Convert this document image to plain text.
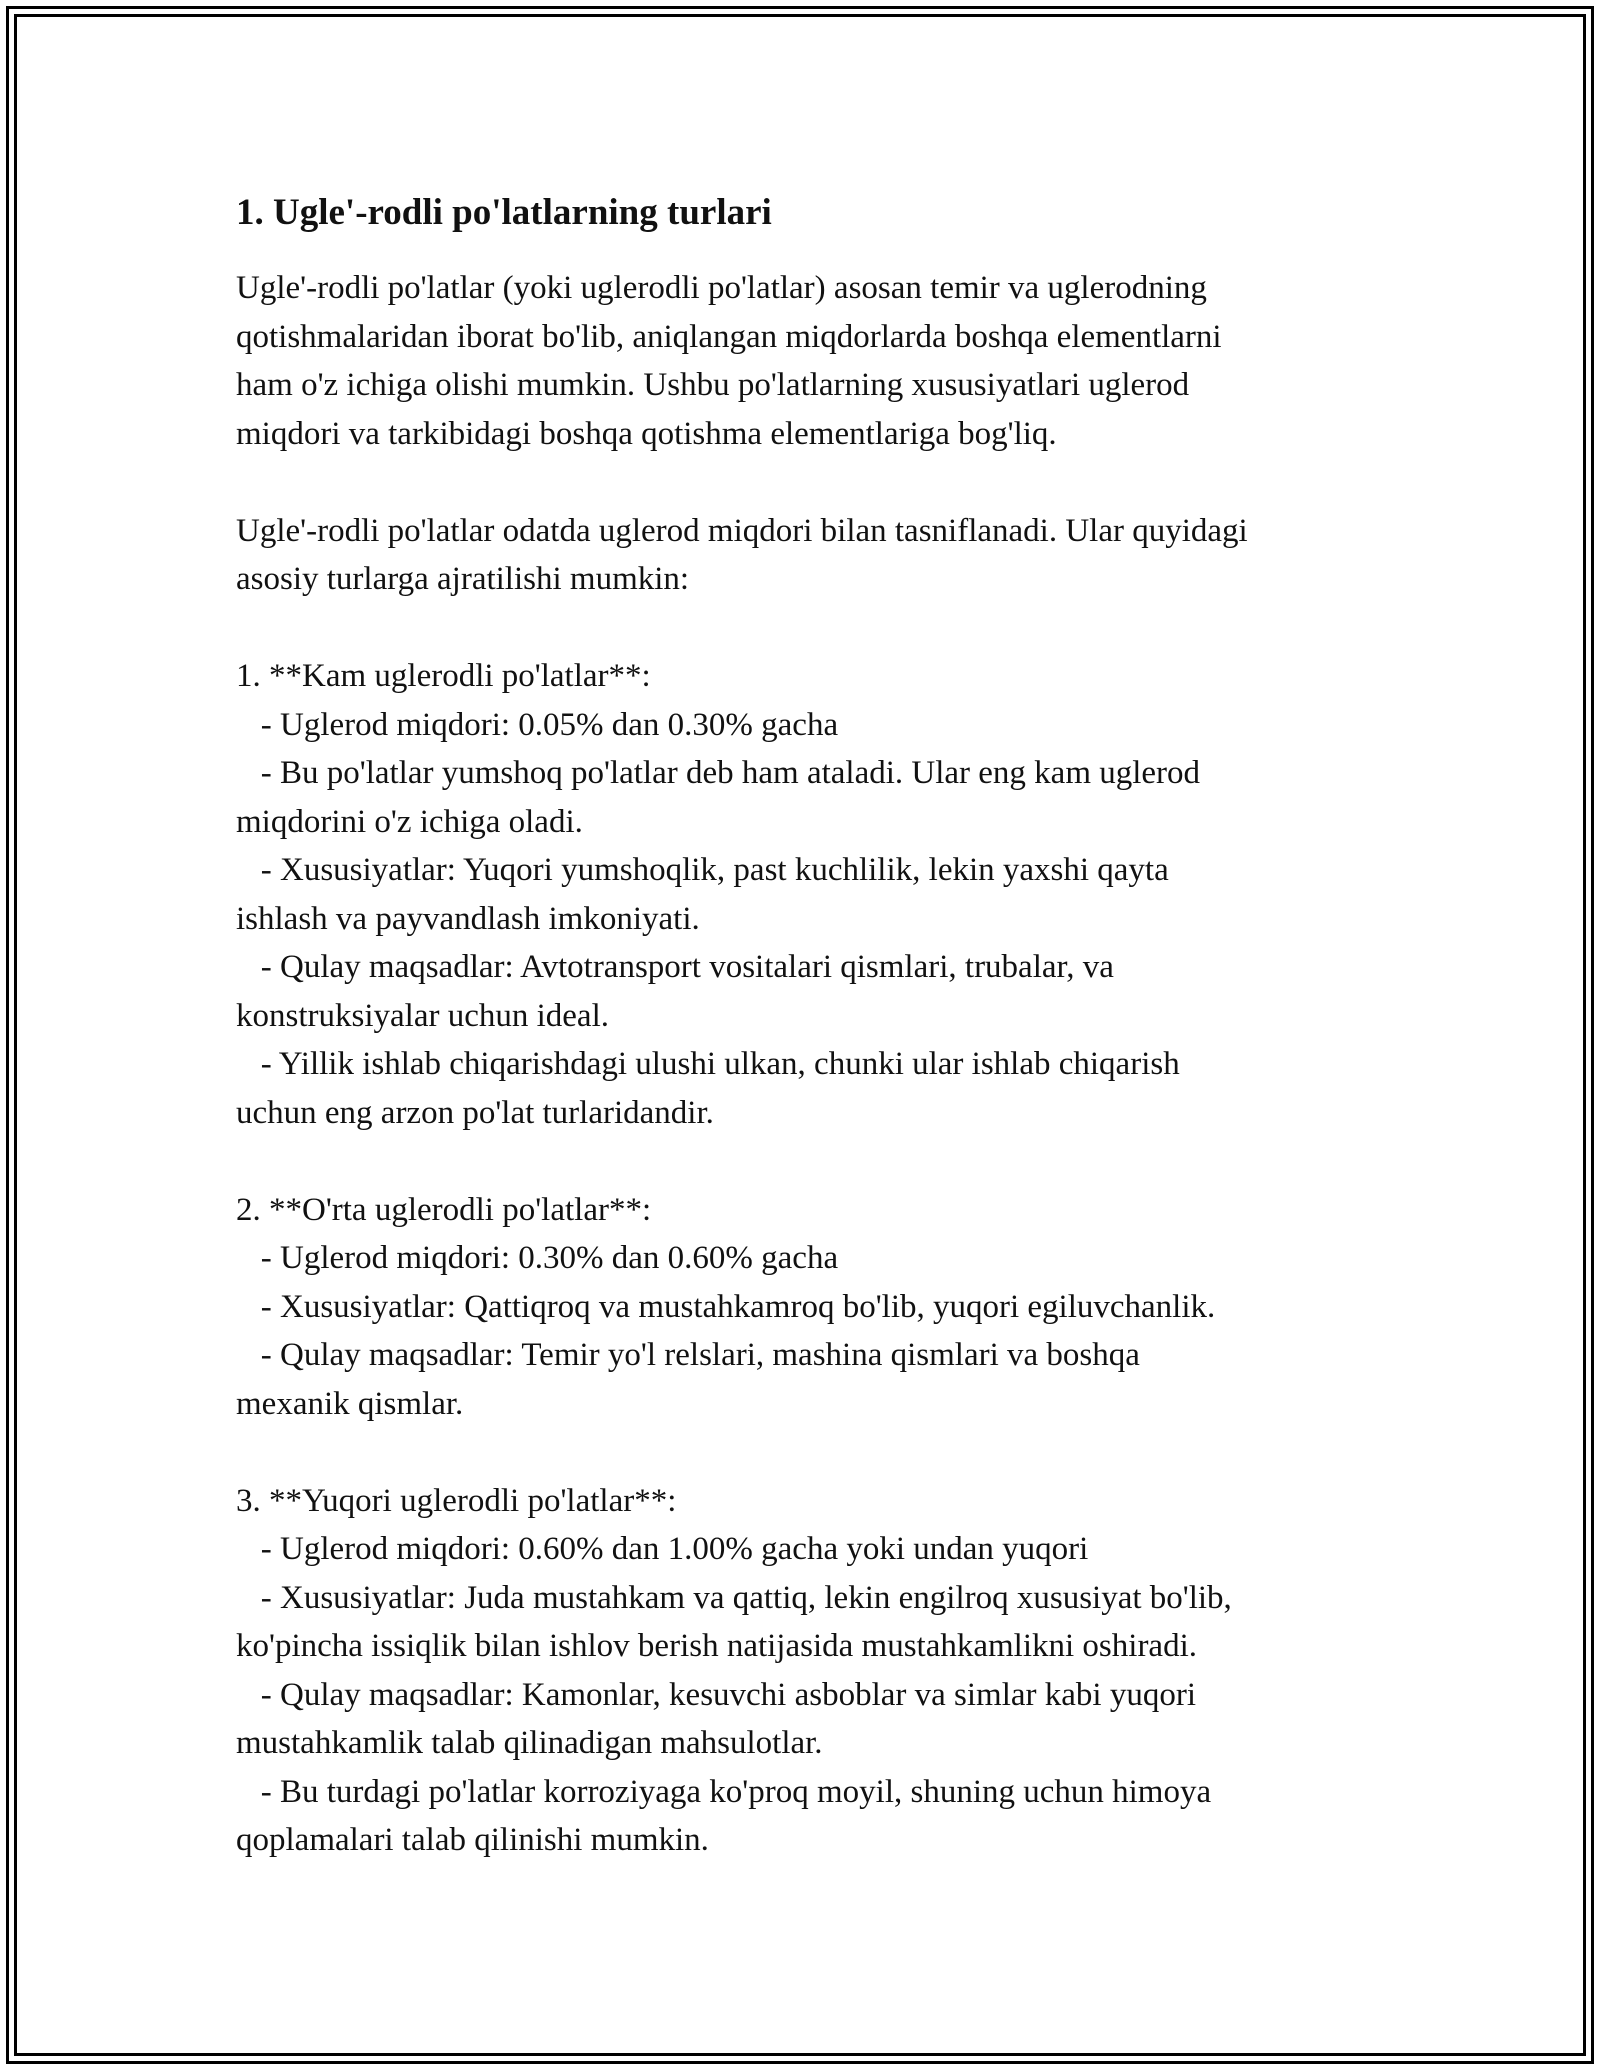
1. Ugle'-rodli po'latlarning turlari
Ugle'-rodli po'latlar (yoki uglerodli po'latlar) asosan temir va uglerodning
qotishmalaridan iborat bo'lib, aniqlangan miqdorlarda boshqa elementlarni
ham o'z ichiga olishi mumkin. Ushbu po'latlarning xususiyatlari uglerod
miqdori va tarkibidagi boshqa qotishma elementlariga bog'liq.
Ugle'-rodli po'latlar odatda uglerod miqdori bilan tasniflanadi. Ular quyidagi
asosiy turlarga ajratilishi mumkin:
1. **Kam uglerodli po'latlar**:
- Uglerod miqdori: 0.05% dan 0.30% gacha
- Bu po'latlar yumshoq po'latlar deb ham ataladi. Ular eng kam uglerod
miqdorini o'z ichiga oladi.
- Xususiyatlar: Yuqori yumshoqlik, past kuchlilik, lekin yaxshi qayta
ishlash va payvandlash imkoniyati.
- Qulay maqsadlar: Avtotransport vositalari qismlari, trubalar, va
konstruksiyalar uchun ideal.
- Yillik ishlab chiqarishdagi ulushi ulkan, chunki ular ishlab chiqarish
uchun eng arzon po'lat turlaridandir.
2. **O'rta uglerodli po'latlar**:
- Uglerod miqdori: 0.30% dan 0.60% gacha
- Xususiyatlar: Qattiqroq va mustahkamroq bo'lib, yuqori egiluvchanlik.
- Qulay maqsadlar: Temir yo'l relslari, mashina qismlari va boshqa
mexanik qismlar.
3. **Yuqori uglerodli po'latlar**:
- Uglerod miqdori: 0.60% dan 1.00% gacha yoki undan yuqori
- Xususiyatlar: Juda mustahkam va qattiq, lekin engilroq xususiyat bo'lib,
ko'pincha issiqlik bilan ishlov berish natijasida mustahkamlikni oshiradi.
- Qulay maqsadlar: Kamonlar, kesuvchi asboblar va simlar kabi yuqori
mustahkamlik talab qilinadigan mahsulotlar.
- Bu turdagi po'latlar korroziyaga ko'proq moyil, shuning uchun himoya
qoplamalari talab qilinishi mumkin.
